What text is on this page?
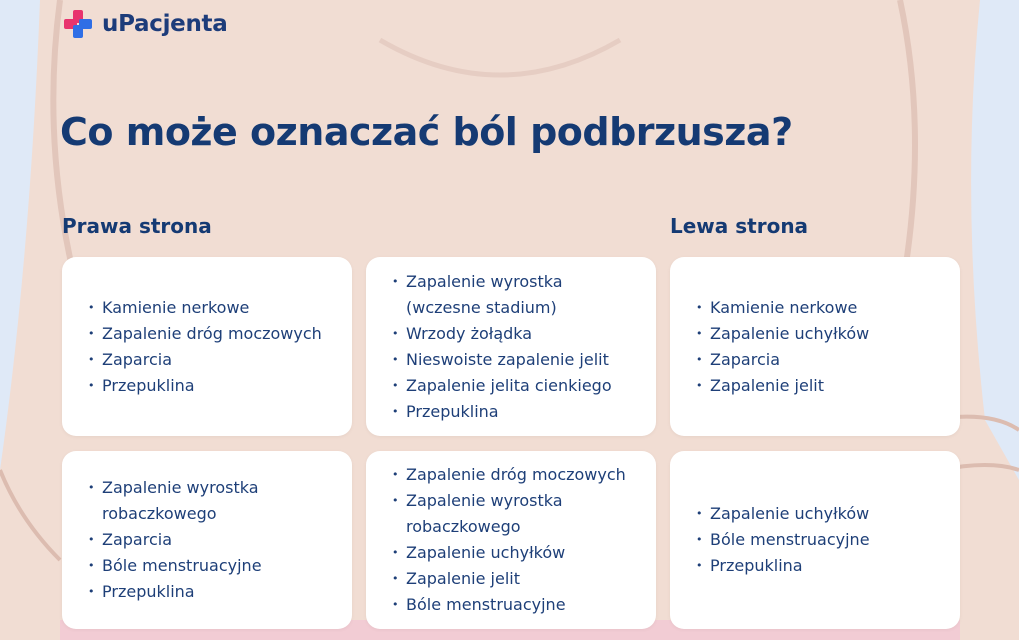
uPacjenta
Co może oznaczać ból podbrzusza?
Prawa strona	Lewa strona
• Kamienie nerkowe
• Zapalenie dróg moczowych
• Zaparcia
• Przepuklina
• Zapalenie wyrostka (wczesne stadium)
• Wrzody żołądka
• Nieswoiste zapalenie jelit
• Zapalenie jelita cienkiego
• Przepuklina
• Kamienie nerkowe
• Zapalenie uchyłków
• Zaparcia
• Zapalenie jelit
• Zapalenie wyrostka robaczkowego
• Zaparcia
• Bóle menstruacyjne
• Przepuklina
• Zapalenie dróg moczowych
• Zapalenie wyrostka robaczkowego
• Zapalenie uchyłków
• Zapalenie jelit
• Bóle menstruacyjne
• Zapalenie uchyłków
• Bóle menstruacyjne
• Przepuklina
